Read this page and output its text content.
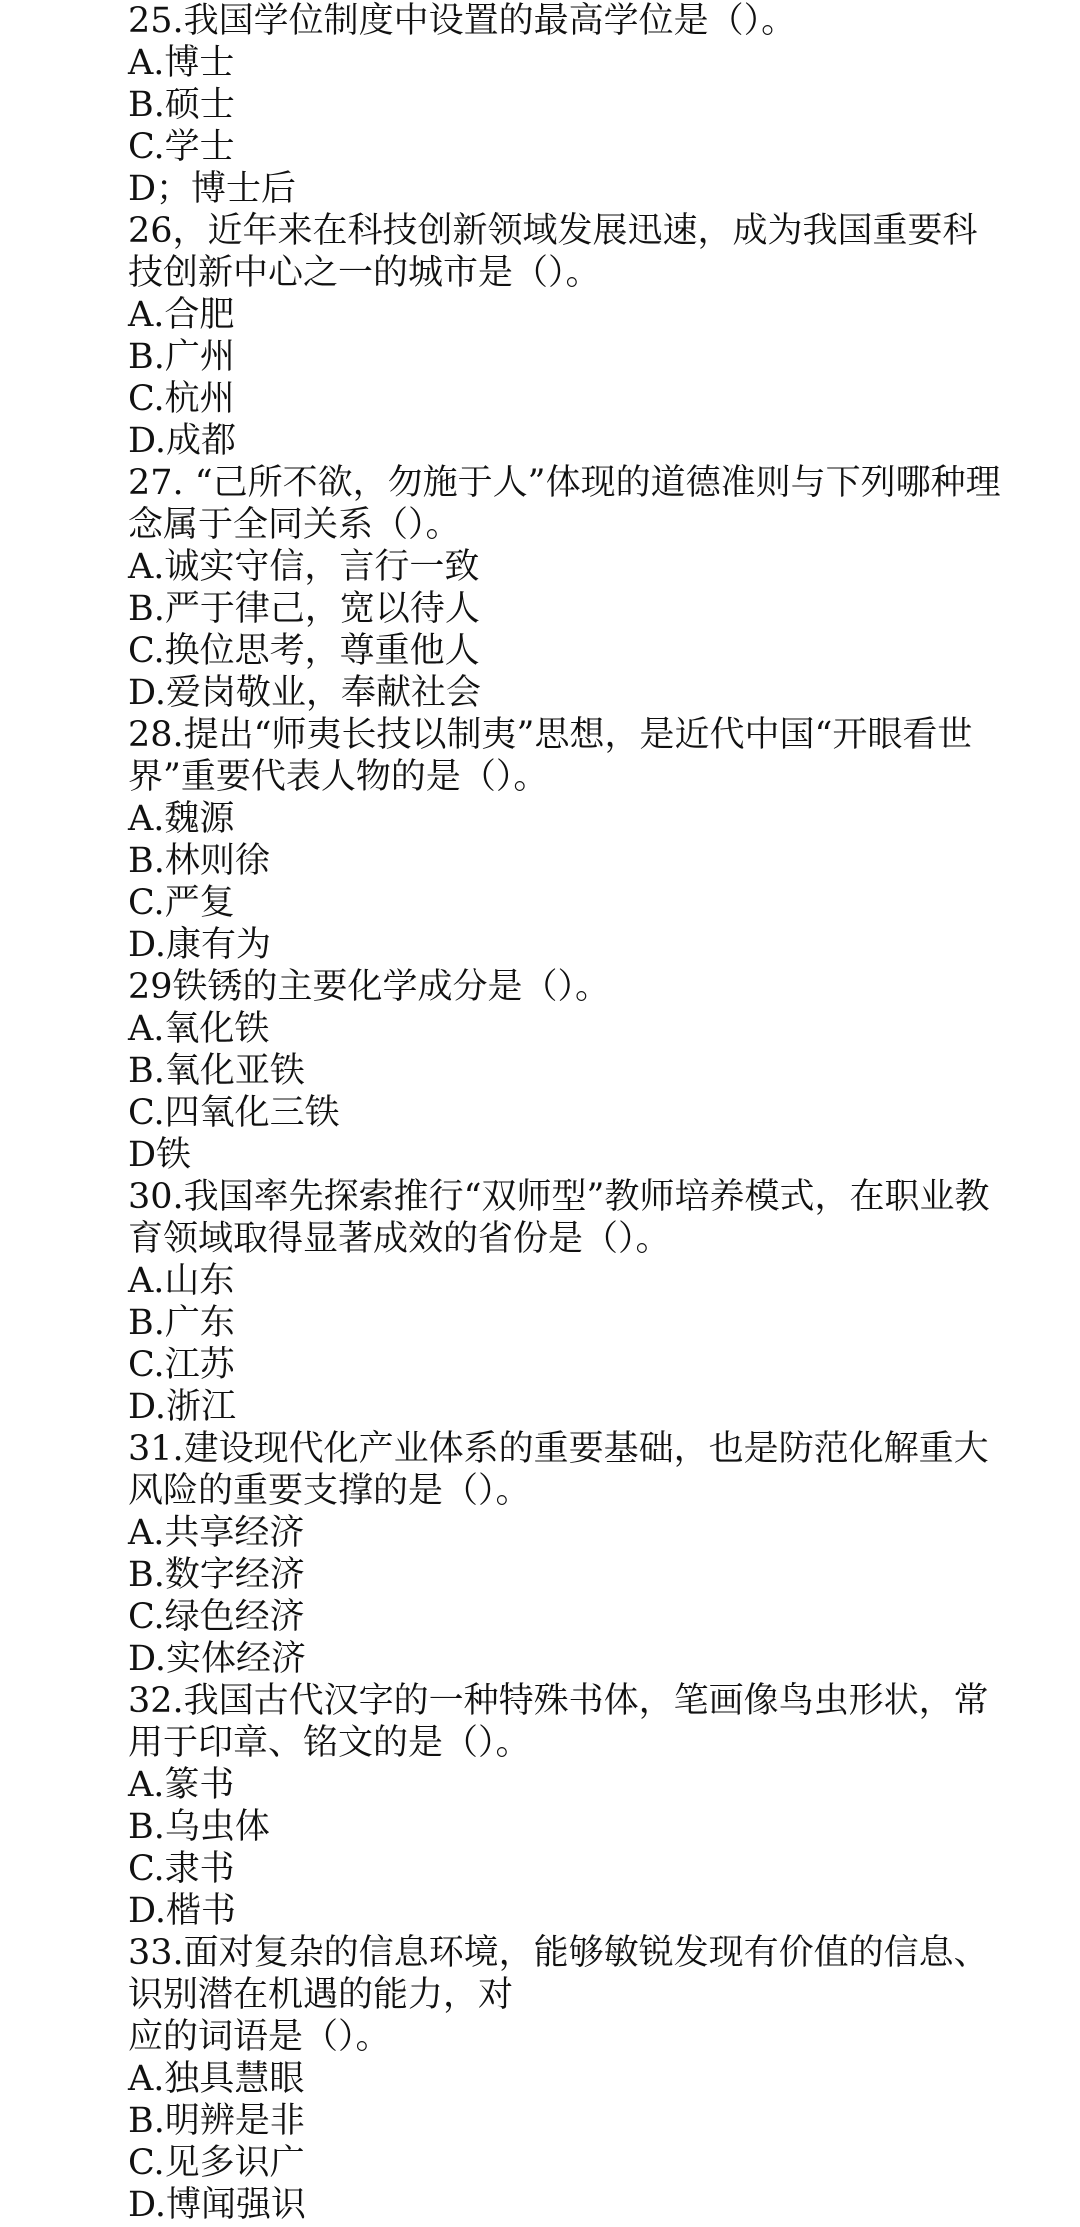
25.我国学位制度中设置的最高学位是（）。
A.博士
B.硕士
C.学士
D；博士后
26，近年来在科技创新领域发展迅速，成为我国重要科
技创新中心之一的城市是（）。
A.合肥
B.广州
C.杭州
D.成都
27. “己所不欲，勿施于人”体现的道德准则与下列哪种理
念属于全同关系（）。
A.诚实守信，言行一致
B.严于律己，宽以待人
C.换位思考，尊重他人
D.爱岗敬业，奉献社会
28.提出“师夷长技以制夷”思想，是近代中国“开眼看世
界”重要代表人物的是（）。
A.魏源
B.林则徐
C.严复
D.康有为
29铁锈的主要化学成分是（）。
A.氧化铁
B.氧化亚铁
C.四氧化三铁
D铁
30.我国率先探索推行“双师型”教师培养模式，在职业教
育领域取得显著成效的省份是（）。
A.山东
B.广东
C.江苏
D.浙江
31.建设现代化产业体系的重要基础，也是防范化解重大
风险的重要支撑的是（）。
A.共享经济
B.数字经济
C.绿色经济
D.实体经济
32.我国古代汉字的一种特殊书体，笔画像鸟虫形状，常
用于印章、铭文的是（）。
A.篆书
B.乌虫体
C.隶书
D.楷书
33.面对复杂的信息环境，能够敏锐发现有价值的信息、
识别潜在机遇的能力，对
应的词语是（）。
A.独具慧眼
B.明辨是非
C.见多识广
D.博闻强识
